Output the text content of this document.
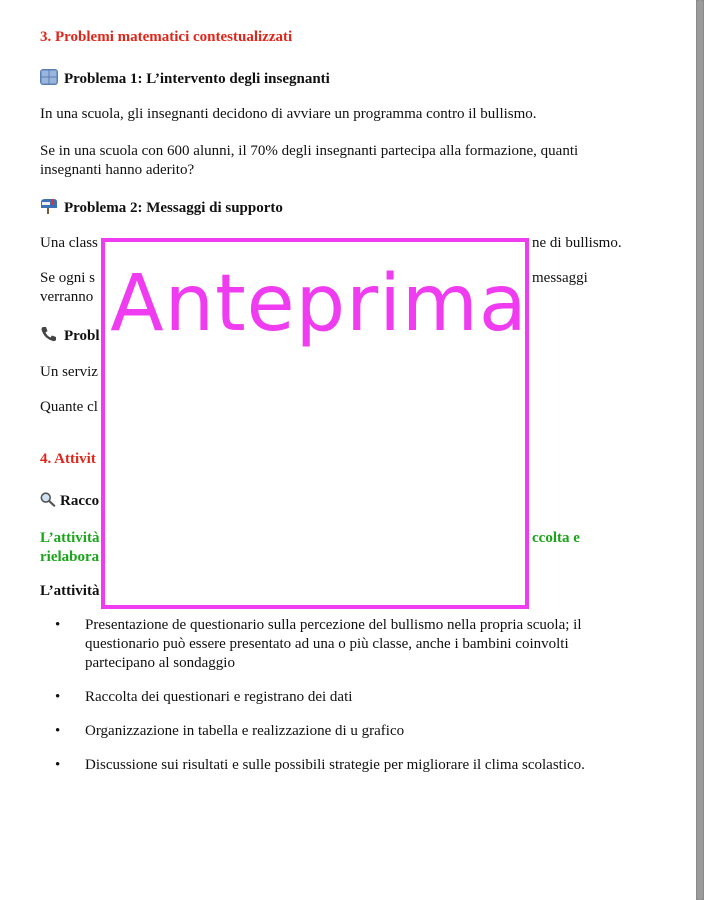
3. Problemi matematici contestualizzati

Problema 1: L’intervento degli insegnanti

In una scuola, gli insegnanti decidono di avviare un programma contro il bullismo.

Se in una scuola con 600 alunni, il 70% degli insegnanti partecipa alla formazione, quanti insegnanti hanno aderito?

Problema 2: Messaggi di supporto

Una class	ne di bullismo.

Se ogni s	messaggi

verranno

Probl

Un serviz

Quante cl

4. Attivit

Racco

L’attività	ccolta e

rielabora

L’attività

• Presentazione de questionario sulla percezione del bullismo nella propria scuola; il questionario può essere presentato ad una o più classe, anche i bambini coinvolti partecipano al sondaggio
• Raccolta dei questionari e registrano dei dati
• Organizzazione in tabella e realizzazione di u grafico
• Discussione sui risultati e sulle possibili strategie per migliorare il clima scolastico.
Anteprima
